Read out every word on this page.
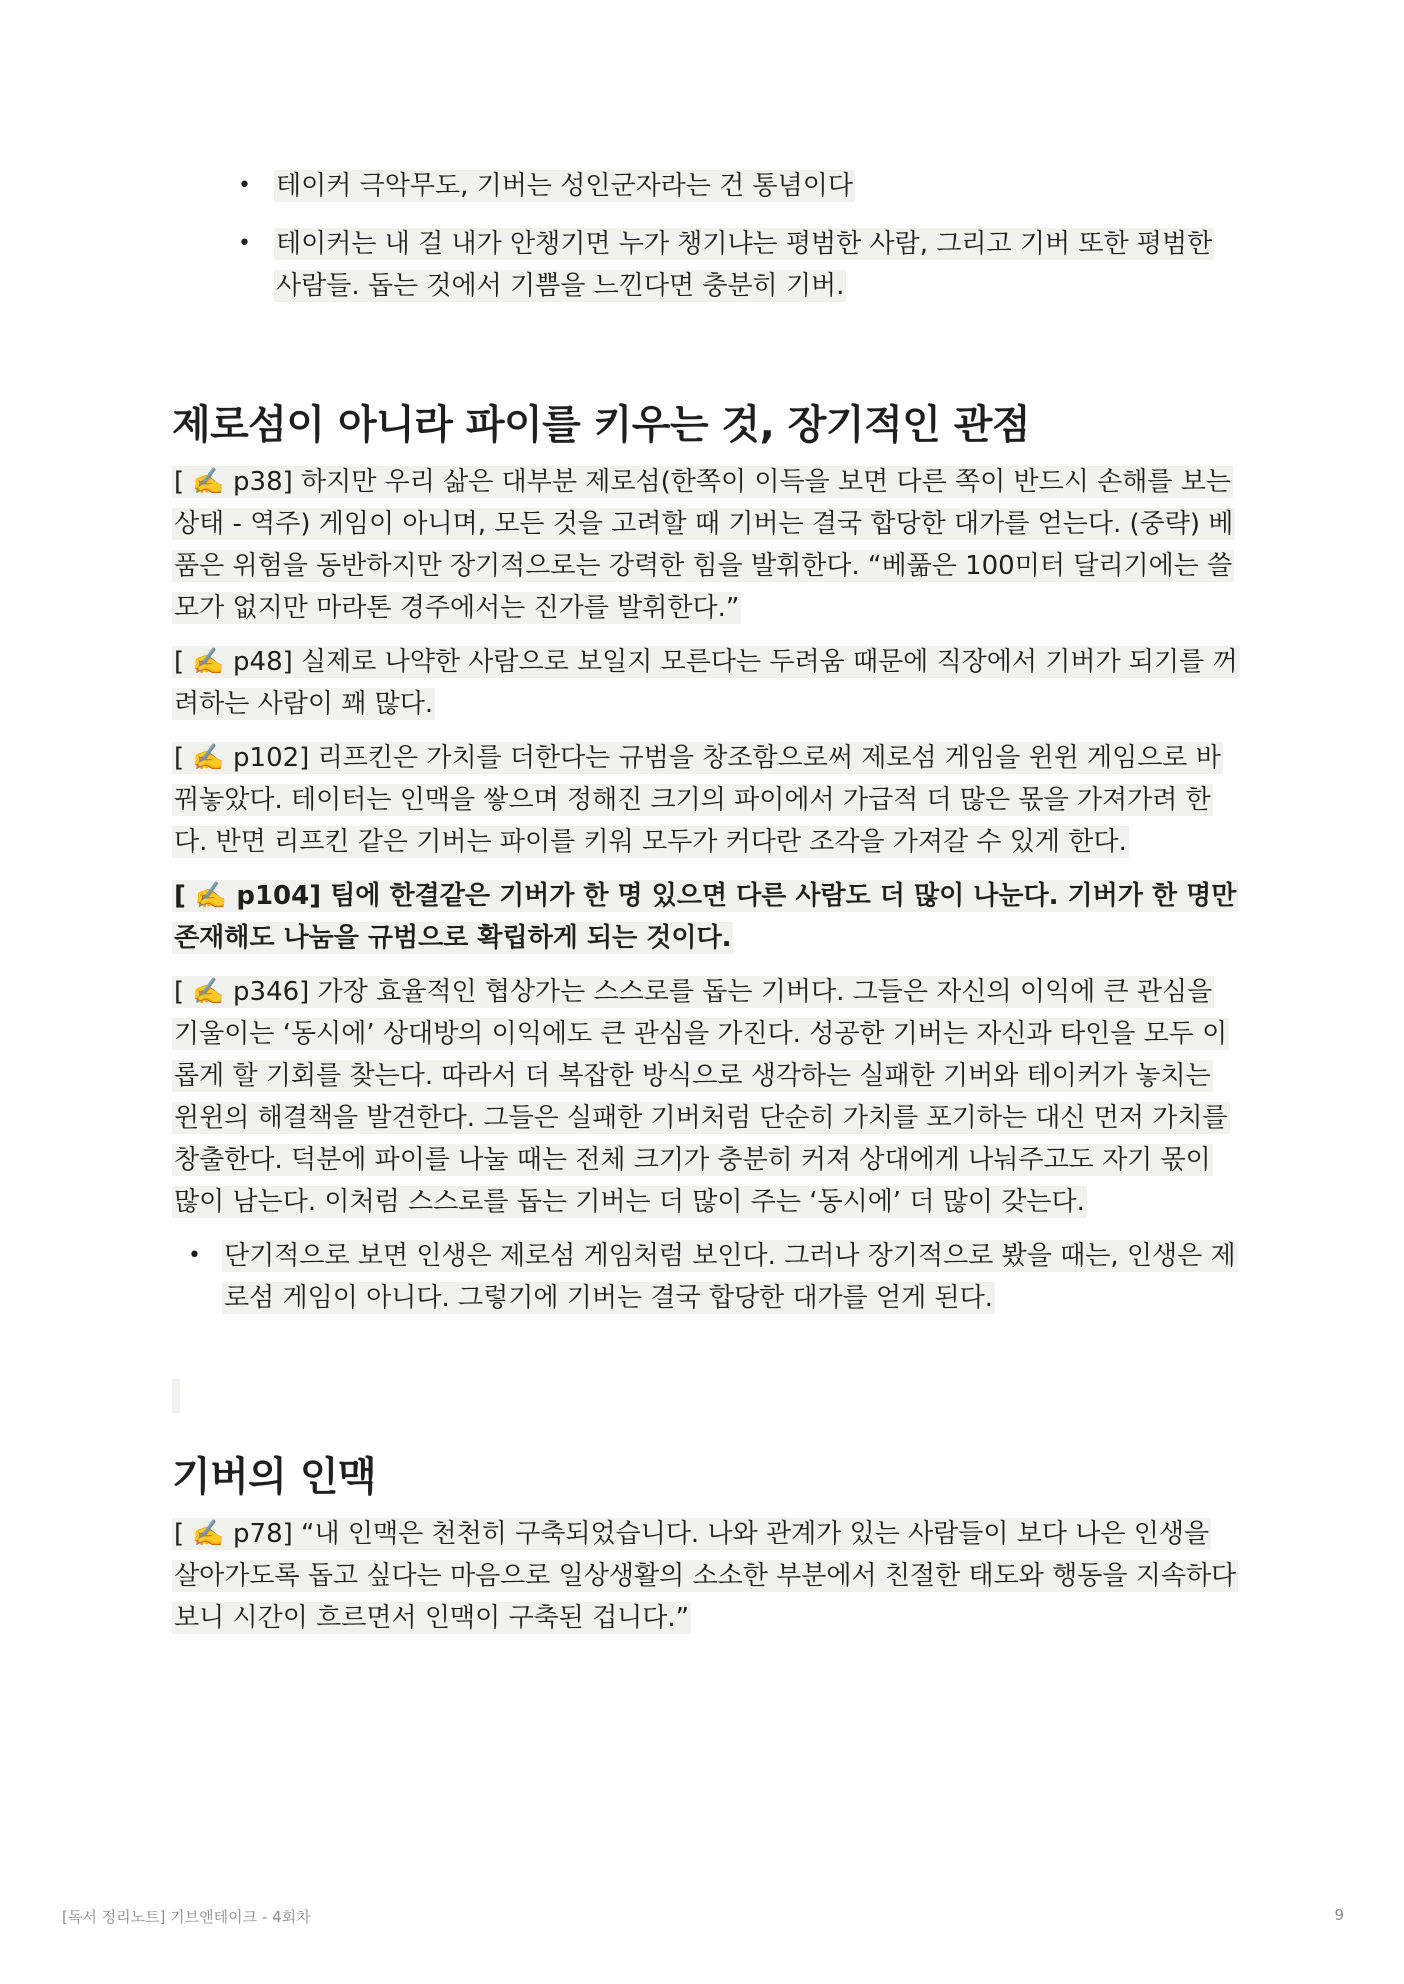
• 테이커 극악무도, 기버는 성인군자라는 건 통념이다
• 테이커는 내 걸 내가 안챙기면 누가 챙기냐는 평범한 사람, 그리고 기버 또한 평범한 사람들. 돕는 것에서 기쁨을 느낀다면 충분히 기버.
제로섬이 아니라 파이를 키우는 것, 장기적인 관점

[ ✍️ p38] 하지만 우리 삶은 대부분 제로섬(한쪽이 이득을 보면 다른 쪽이 반드시 손해를 보는 상태 - 역주) 게임이 아니며, 모든 것을 고려할 때 기버는 결국 합당한 대가를 얻는다. (중략) 베품은 위험을 동반하지만 장기적으로는 강력한 힘을 발휘한다. “베풂은 100미터 달리기에는 쓸모가 없지만 마라톤 경주에서는 진가를 발휘한다.”

[ ✍️ p48] 실제로 나약한 사람으로 보일지 모른다는 두려움 때문에 직장에서 기버가 되기를 꺼려하는 사람이 꽤 많다.

[ ✍️ p102] 리프킨은 가치를 더한다는 규범을 창조함으로써 제로섬 게임을 윈윈 게임으로 바꿔놓았다. 테이터는 인맥을 쌓으며 정해진 크기의 파이에서 가급적 더 많은 몫을 가져가려 한다. 반면 리프킨 같은 기버는 파이를 키워 모두가 커다란 조각을 가져갈 수 있게 한다.

[ ✍️ p104] 팀에 한결같은 기버가 한 명 있으면 다른 사람도 더 많이 나눈다. 기버가 한 명만 존재해도 나눔을 규범으로 확립하게 되는 것이다.

[ ✍️ p346] 가장 효율적인 협상가는 스스로를 돕는 기버다. 그들은 자신의 이익에 큰 관심을 기울이는 ‘동시에’ 상대방의 이익에도 큰 관심을 가진다. 성공한 기버는 자신과 타인을 모두 이롭게 할 기회를 찾는다. 따라서 더 복잡한 방식으로 생각하는 실패한 기버와 테이커가 놓치는 윈윈의 해결책을 발견한다. 그들은 실패한 기버처럼 단순히 가치를 포기하는 대신 먼저 가치를 창출한다. 덕분에 파이를 나눌 때는 전체 크기가 충분히 커져 상대에게 나눠주고도 자기 몫이 많이 남는다. 이처럼 스스로를 돕는 기버는 더 많이 주는 ‘동시에’ 더 많이 갖는다.

• 단기적으로 보면 인생은 제로섬 게임처럼 보인다. 그러나 장기적으로 봤을 때는, 인생은 제로섬 게임이 아니다. 그렇기에 기버는 결국 합당한 대가를 얻게 된다.
기버의 인맥

[ ✍️ p78] “내 인맥은 천천히 구축되었습니다. 나와 관계가 있는 사람들이 보다 나은 인생을 살아가도록 돕고 싶다는 마음으로 일상생활의 소소한 부분에서 친절한 태도와 행동을 지속하다 보니 시간이 흐르면서 인맥이 구축된 겁니다.”

[독서 정리노트] 기브앤테이크 - 4회차	9
